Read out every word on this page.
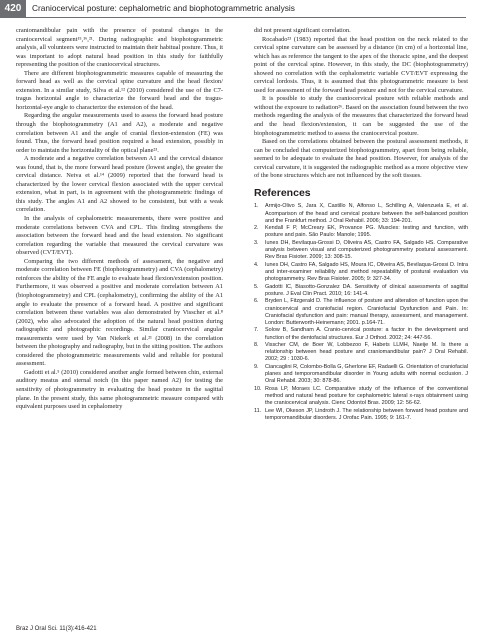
420	Craniocervical posture: cephalometric and biophotogrammetric analysis

craniomandibular pain with the presence of postural changes in the craniocervical segment¹⁵,¹⁶,²¹. During radiographic and biophotogrammetric analysis, all volunteers were instructed to maintain their habitual posture. Thus, it was important to adopt natural head position in this study for faithfully representing the position of the craniocervical structures.

There are different biophotogrammetric measures capable of measuring the forward head as well as the cervical spine curvature and the head flexion/ extension. In a similar study, Silva et al.¹² (2010) considered the use of the C7-tragus horizontal angle to characterize the forward head and the tragus-horizontal-eye angle to characterize the extension of the head.

Regarding the angular measurements used to assess the forward head posture through the biophotogrammetry (A1 and A2), a moderate and negative correlation between A1 and the angle of cranial flexion-extension (FE) was found. Thus, the forward head position required a head extension, possibly in order to maintain the horizontality of the optical plane²³.

A moderate and a negative correlation between A1 and the cervical distance was found, that is, the more forward head posture (lowest angle), the greater the cervical distance. Neiva et al.¹⁴ (2009) reported that the forward head is characterized by the lower cervical flexion associated with the upper cervical extension, what in part, is in agreement with the photogrammetric findings of this study. The angles A1 and A2 showed to be consistent, but with a weak correlation.

In the analysis of cephalometric measurements, there were positive and moderate correlations between CVA and CPL. This finding strengthens the association between the forward head and the head extension. No significant correlation regarding the variable that measured the cervical curvature was observed (CVT/EVT).

Comparing the two different methods of assessment, the negative and moderate correlation between FE (biophotogrammetry) and CVA (cephalometry) reinforces the ability of the FE angle to evaluate head flexion/extension position. Furthermore, it was observed a positive and moderate correlation between A1 (biophotogrammetry) and CPL (cephalometry), confirming the ability of the A1 angle to evaluate the presence of a forward head. A positive and significant correlation between these variables was also demonstrated by Visscher et al.⁸ (2002), who also advocated the adoption of the natural head position during radiographic and photographic recordings. Similar craniocervical angular measurements were used by Van Niekerk et al.²¹ (2008) in the correlation between the photography and radiography, but in the sitting position. The authors considered the photogrammetric measurements valid and reliable for postural assessment.

Gadotti et al.⁵ (2010) considered another angle formed between chin, external auditory meatus and sternal notch (in this paper named A2) for testing the sensitivity of photogrammetry in evaluating the head posture in the sagittal plane. In the present study, this same photogrammetric measure compared with equivalent purposes used in cephalometry

did not present significant correlation.

Rocabado²³ (1983) reported that the head position on the neck related to the cervical spine curvature can be assessed by a distance (in cm) of a horizontal line, which has as reference the tangent to the apex of the thoracic spine, and the deepest point of the cervical spine. However, in this study, the DC (biophotogrammetry) showed no correlation with the cephalometric variable CVT/EVT expressing the cervical lordosis. Thus, it is assumed that this photogrammetric measure is best used for assessment of the forward head posture and not for the cervical curvature.

It is possible to study the craniocervical posture with reliable methods and without the exposure to radiation²⁶. Based on the association found between the two methods regarding the analysis of the measures that characterized the forward head and the head flexion/extension, it can be suggested the use of the biophotogrammetric method to assess the craniocervical posture.

Based on the correlations obtained between the postural assessment methods, it can be concluded that computerized biophotogrammetry, apart from being reliable, seemed to be adequate to evaluate the head position. However, for analysis of the cervical curvature, it is suggested the radiographic method as a more objective view of the bone structures which are not influenced by the soft tissues.

References
1.	Armijo-Olivo S, Jara X, Castillo N, Alfonso L, Schilling A, Valenzuela E, et al. Acomparison of the head and cervical posture between the self-balanced position and the Frankfurt method. J Oral Rehabil. 2006; 33: 194-201.
2.	Kendall F P, McCreary EK, Provance PG. Muscles: testing and function, with posture and pain. São Paulo: Manole; 1995.
3.	Iunes DH, Bevilaqua-Grossi D, Oliveira AS, Castro FA, Salgado HS. Comparative analysis between visual and computerized photogrammetry postural assessment. Rev Bras Fisioter. 2009; 13: 308-15.
4.	Iunes DH, Castro FA, Salgado HS, Moura IC, Oliveira AS, Bevilaqua-Grossi D. Intra and inter-examiner reliability and method repeatability of postural evaluation via photogrammetry. Rev Bras Fisioter. 2005; 9: 327-34.
5.	Gadotti IC, Biasotto-Gonzalez DA. Sensitivity of clinical assessments of sagittal posture. J Eval Clin Pract. 2010; 16: 141-4.
6.	Bryden L, Fitzgerald D. The influence of posture and alteration of function upon the craniocervical and craniofacial region. Craniofacial Dysfunction and Pain. In: Craniofacial dysfunction and pain: manual therapy, assessment, and management. London: Butterworth-Heinemann; 2001. p.164-71.
7.	Solow B, Sandham A. Cranio-cervical posture: a factor in the development and function of the dentofacial structures. Eur J Orthod. 2002; 24: 447-56.
8.	Visscher CM, de Boer W, Lobbezoo F, Habets LLMH, Naeije M. Is there a relationship between head posture and craniomandibular pain? J Oral Rehabil. 2002; 29 : 1030-6.
9.	Ciancaglini R, Colombo-Bolla G, Gherlone EF, Radaelli G. Orientation of craniofacial planes and temporomandibular disorder in Young adults with normal occlusion. J Oral Rehabil. 2003; 30: 878-86.
10. Rosa LP, Moraes LC. Comparative study of the influence of the conventional method and natural head posture for cephalometric lateral x-rays obtainment using the craniocervical analysis. Cienc Odontol Bras. 2009; 12: 56-62.
11. Lee WI, Okeson JP, Lindroth J. The relationship between forward head posture and temporomandibular disorders. J Orofac Pain. 1995; 9: 161-7.
Braz J Oral Sci. 11(3):416-421
